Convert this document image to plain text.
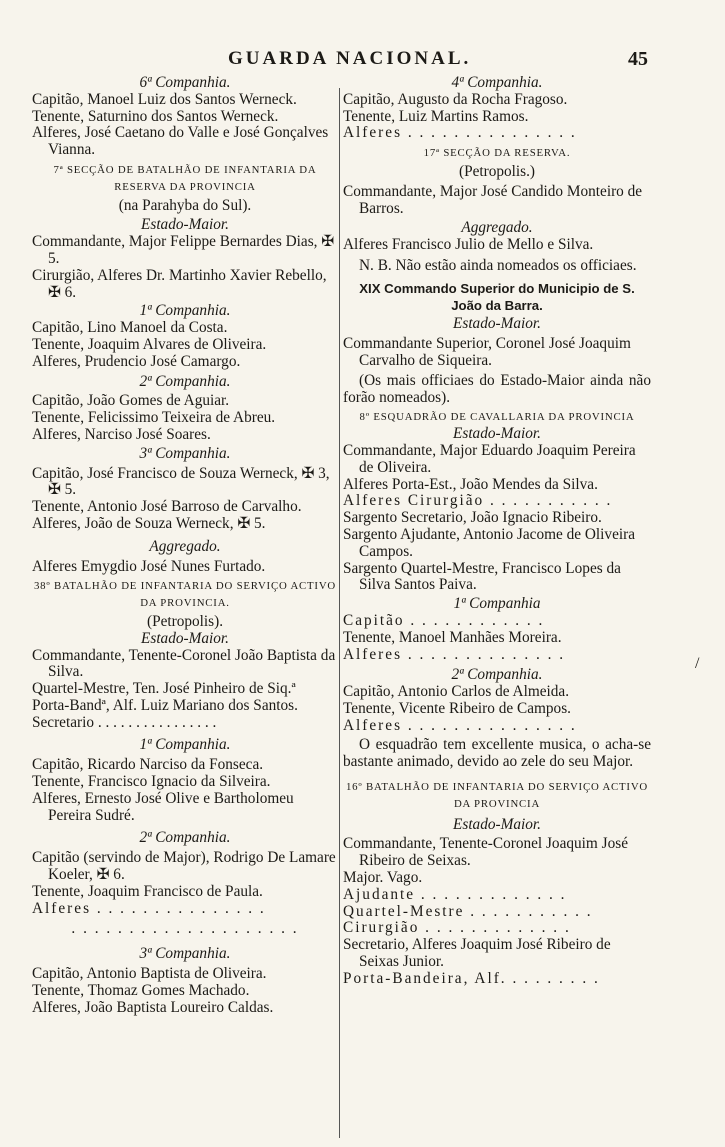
GUARDA NACIONAL.	45
6ª Companhia.
Capitão, Manoel Luiz dos Santos Werneck.
Tenente, Saturnino dos Santos Werneck.
Alferes, José Caetano do Valle e José Gonçalves Vianna.
7ª SECÇÃO DE BATALHÃO DE INFANTARIA DA RESERVA DA PROVINCIA
(na Parahyba do Sul).
Estado-Maior.
Commandante, Major Felippe Bernardes Dias, ✠ 5.
Cirurgião, Alferes Dr. Martinho Xavier Rebello, ✠ 6.
1ª Companhia.
Capitão, Lino Manoel da Costa.
Tenente, Joaquim Alvares de Oliveira.
Alferes, Prudencio José Camargo.
2ª Companhia.
Capitão, João Gomes de Aguiar.
Tenente, Felicissimo Teixeira de Abreu.
Alferes, Narciso José Soares.
3ª Companhia.
Capitão, José Francisco de Souza Werneck, ✠ 3, ✠ 5.
Tenente, Antonio José Barroso de Carvalho.
Alferes, João de Souza Werneck, ✠ 5.
Aggregado.
Alferes Emygdio José Nunes Furtado.
38º BATALHÃO DE INFANTARIA DO SERVIÇO ACTIVO DA PROVINCIA.
(Petropolis).
Estado-Maior.
Commandante, Tenente-Coronel João Baptista da Silva.
Quartel-Mestre, Ten. José Pinheiro de Siq.ª
Porta-Bandª, Alf. Luiz Mariano dos Santos.
Secretario . . . . . . . . . . . . . . . .
1ª Companhia.
Capitão, Ricardo Narciso da Fonseca.
Tenente, Francisco Ignacio da Silveira.
Alferes, Ernesto José Olive e Bartholomeu Pereira Sudré.
2ª Companhia.
Capitão (servindo de Major), Rodrigo De Lamare Koeler, ✠ 6.
Tenente, Joaquim Francisco de Paula.
Alferes . . . . . . . . . . . . . . .
. . . . . . . . . . . . . . . . . . . .
3ª Companhia.
Capitão, Antonio Baptista de Oliveira.
Tenente, Thomaz Gomes Machado.
Alferes, João Baptista Loureiro Caldas.
4ª Companhia.
Capitão, Augusto da Rocha Fragoso.
Tenente, Luiz Martins Ramos.
Alferes . . . . . . . . . . . . . . .
17ª SECÇÃO DA RESERVA.
(Petropolis.)
Commandante, Major José Candido Monteiro de Barros.
Aggregado.
Alferes Francisco Julio de Mello e Silva.
N. B. Não estão ainda nomeados os officiaes.
XIX Commando Superior do Municipio de S. João da Barra.
Estado-Maior.
Commandante Superior, Coronel José Joaquim Carvalho de Siqueira.
(Os mais officiaes do Estado-Maior ainda não forão nomeados).
8º ESQUADRÃO DE CAVALLARIA DA PROVINCIA
Estado-Maior.
Commandante, Major Eduardo Joaquim Pereira de Oliveira.
Alferes Porta-Est., João Mendes da Silva.
Alferes Cirurgião . . . . . . . . . . .
Sargento Secretario, João Ignacio Ribeiro.
Sargento Ajudante, Antonio Jacome de Oliveira Campos.
Sargento Quartel-Mestre, Francisco Lopes da Silva Santos Paiva.
1ª Companhia
Capitão . . . . . . . . . . . .
Tenente, Manoel Manhães Moreira.
Alferes . . . . . . . . . . . . . .
2ª Companhia.
Capitão, Antonio Carlos de Almeida.
Tenente, Vicente Ribeiro de Campos.
Alferes . . . . . . . . . . . . . . .
O esquadrão tem excellente musica, o acha-se bastante animado, devido ao zele do seu Major.
16º BATALHÃO DE INFANTARIA DO SERVIÇO ACTIVO DA PROVINCIA
Estado-Maior.
Commandante, Tenente-Coronel Joaquim José Ribeiro de Seixas.
Major. Vago.
Ajudante . . . . . . . . . . . . .
Quartel-Mestre . . . . . . . . . . .
Cirurgião . . . . . . . . . . . . .
Secretario, Alferes Joaquim José Ribeiro de Seixas Junior.
Porta-Bandeira, Alf. . . . . . . . .
/
